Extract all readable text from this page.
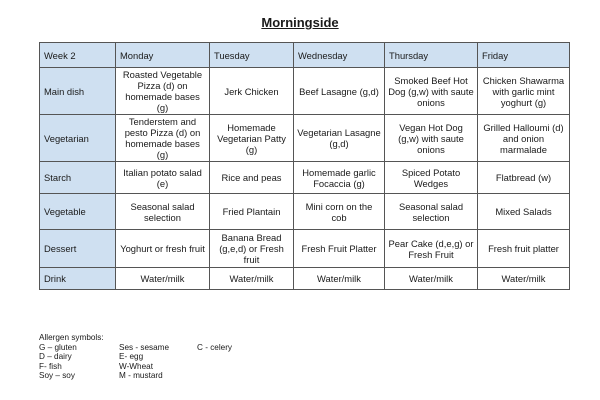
Morningside
Week 2	Monday	Tuesday	Wednesday	Thursday	Friday
Main dish	Roasted Vegetable Pizza (d) on homemade bases (g)	Jerk Chicken	Beef Lasagne (g,d)	Smoked Beef Hot Dog (g,w) with saute onions	Chicken Shawarma with garlic mint yoghurt (g)
Vegetarian	Tenderstem and pesto Pizza (d) on homemade bases (g)	Homemade Vegetarian Patty (g)	Vegetarian Lasagne (g,d)	Vegan Hot Dog (g,w) with saute onions	Grilled Halloumi (d) and onion marmalade
Starch	Italian potato salad (e)	Rice and peas	Homemade garlic Focaccia (g)	Spiced Potato Wedges	Flatbread (w)
Vegetable	Seasonal salad selection	Fried Plantain	Mini corn on the cob	Seasonal salad selection	Mixed Salads
Dessert	Yoghurt or fresh fruit	Banana Bread (g,e,d) or Fresh fruit	Fresh Fruit Platter	Pear Cake (d,e,g) or Fresh Fruit	Fresh fruit platter
Drink	Water/milk	Water/milk	Water/milk	Water/milk	Water/milk
Allergen symbols:
G – gluten
D – dairy
F- fish
Soy – soy
Ses - sesame
E- egg
W-Wheat
M - mustard
C - celery
